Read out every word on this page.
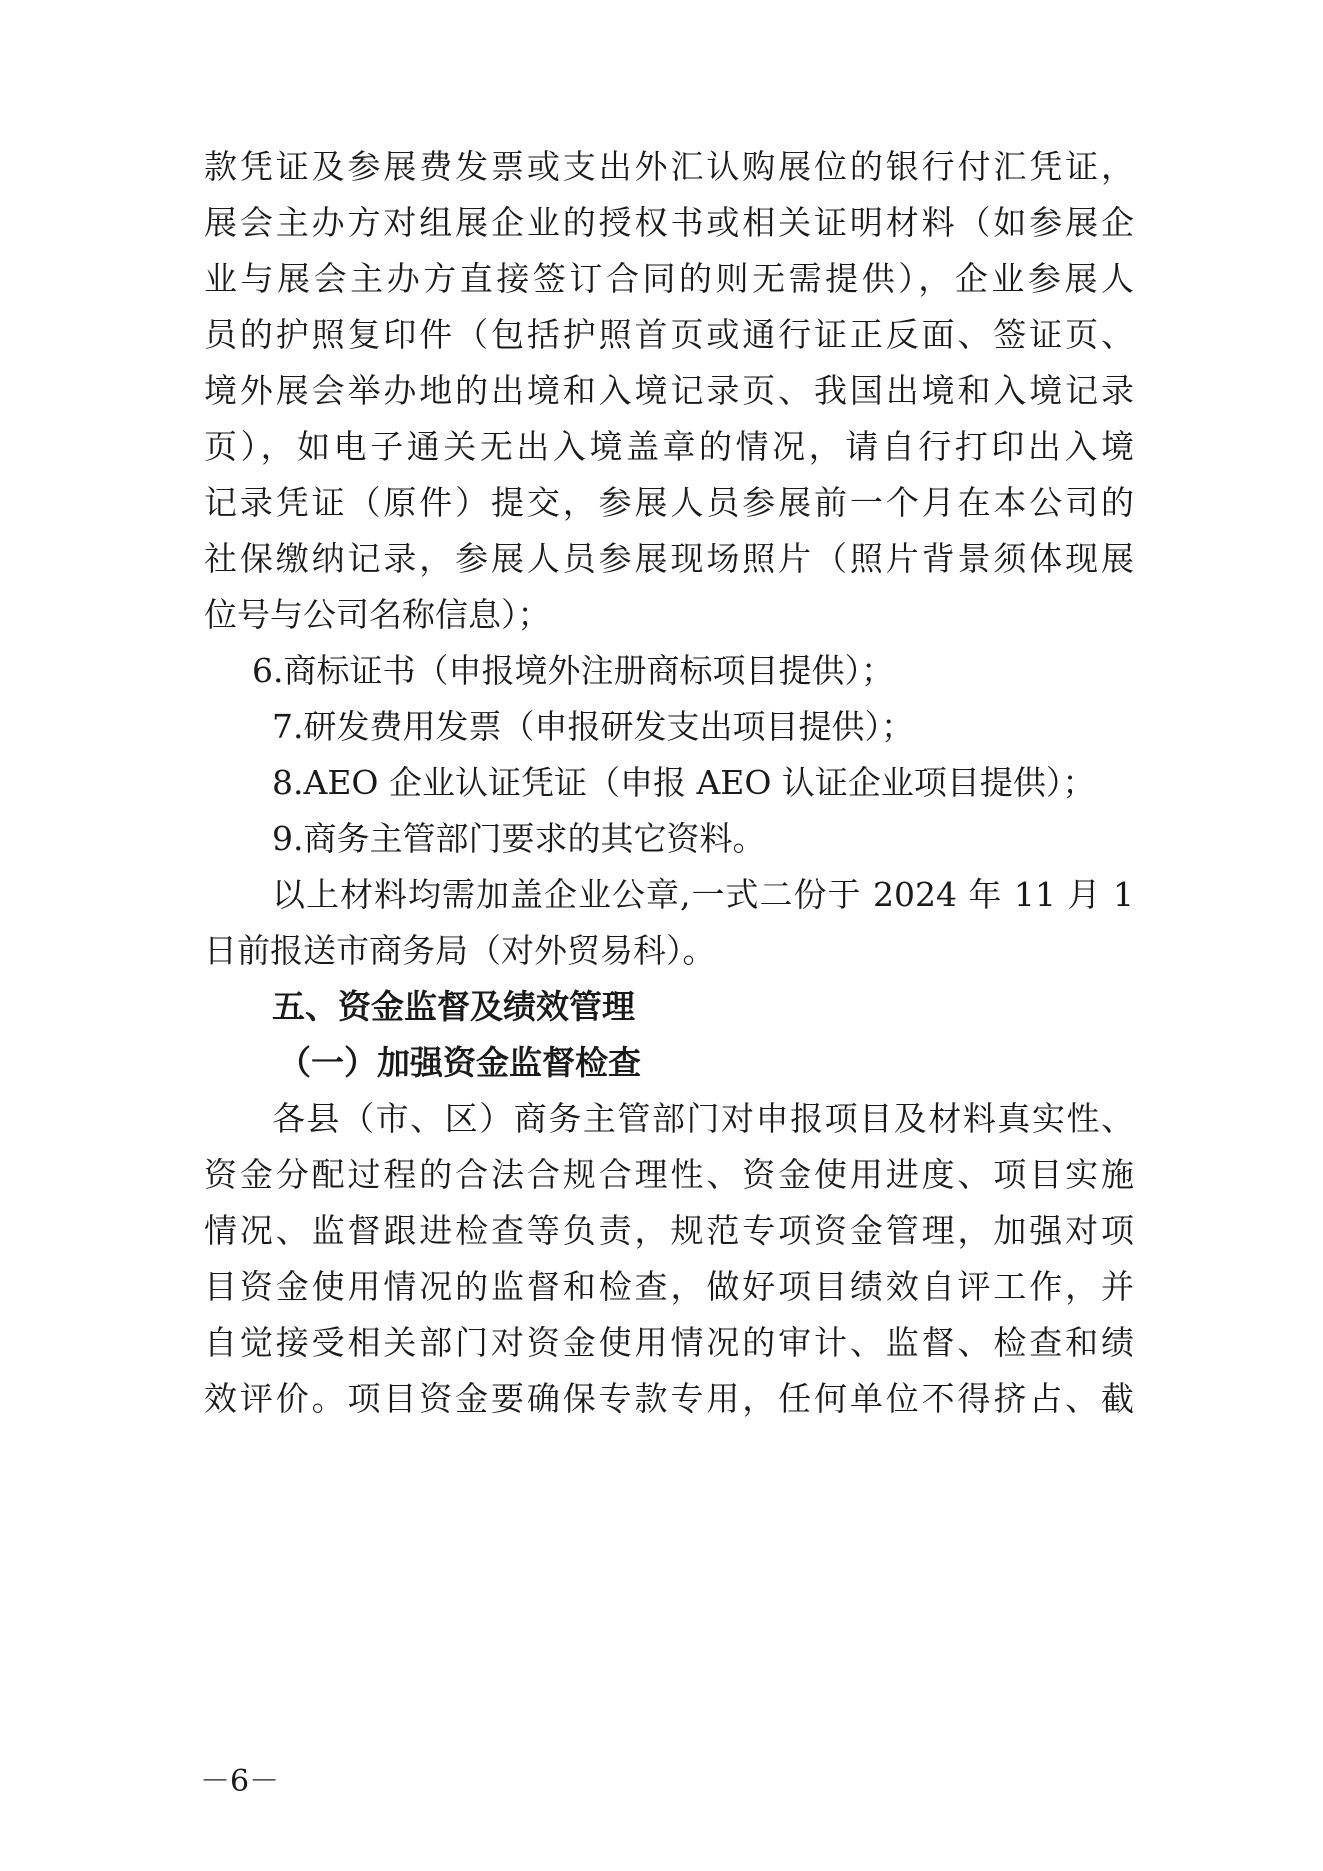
款凭证及参展费发票或支出外汇认购展位的银行付汇凭证，
展会主办方对组展企业的授权书或相关证明材料（如参展企
业与展会主办方直接签订合同的则无需提供），企业参展人
员的护照复印件（包括护照首页或通行证正反面、签证页、
境外展会举办地的出境和入境记录页、我国出境和入境记录
页），如电子通关无出入境盖章的情况，请自行打印出入境
记录凭证（原件）提交，参展人员参展前一个月在本公司的
社保缴纳记录，参展人员参展现场照片（照片背景须体现展
位号与公司名称信息）；
6.商标证书（申报境外注册商标项目提供）；
7.研发费用发票（申报研发支出项目提供）；
8.AEO 企业认证凭证（申报 AEO 认证企业项目提供）；
9.商务主管部门要求的其它资料。
以上材料均需加盖企业公章,一式二份于 2024 年 11 月 1
日前报送市商务局（对外贸易科）。
五、资金监督及绩效管理
（一）加强资金监督检查
各县（市、区）商务主管部门对申报项目及材料真实性、
资金分配过程的合法合规合理性、资金使用进度、项目实施
情况、监督跟进检查等负责，规范专项资金管理，加强对项
目资金使用情况的监督和检查，做好项目绩效自评工作，并
自觉接受相关部门对资金使用情况的审计、监督、检查和绩
效评价。项目资金要确保专款专用，任何单位不得挤占、截
－6－
